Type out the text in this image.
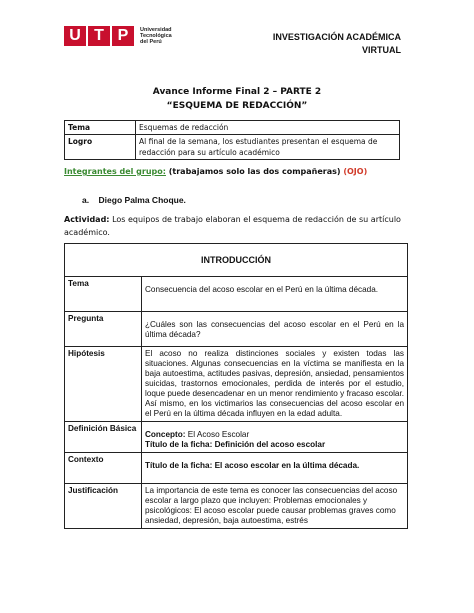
U T P	Universidad
Tecnológica
del Perú	INVESTIGACIÓN ACADÉMICA
VIRTUAL
Avance Informe Final 2 – PARTE 2
“ESQUEMA DE REDACCIÓN”
Tema	Esquemas de redacción
Logro	Al final de la semana, los estudiantes presentan el esquema de redacción para su artículo académico
Integrantes del grupo: (trabajamos solo las dos compañeras) (OJO)
a. Diego Palma Choque.
Actividad: Los equipos de trabajo elaboran el esquema de redacción de su artículo académico.
INTRODUCCIÓN	
Tema	Consecuencia del acoso escolar en el Perú en la última década.
Pregunta	¿Cuáles son las consecuencias del acoso escolar en el Perú en la última década?
Hipótesis	El acoso no realiza distinciones sociales y existen todas las situaciones. Algunas consecuencias en la víctima se manifiesta en la baja autoestima, actitudes pasivas, depresión, ansiedad, pensamientos suicidas, trastornos emocionales, perdida de interés por el estudio, loque puede desencadenar en un menor rendimiento y fracaso escolar. Así mismo, en los victimarios las consecuencias del acoso escolar en el Perú en la última década influyen en la edad adulta.
Definición Básica	Concepto: El Acoso Escolar
Título de la ficha: Definición del acoso escolar
Contexto	Título de la ficha: El acoso escolar en la última década.
Justificación	La importancia de este tema es conocer las consecuencias del acoso escolar a largo plazo que incluyen: Problemas emocionales y psicológicos: El acoso escolar puede causar problemas graves como ansiedad, depresión, baja autoestima, estrés
